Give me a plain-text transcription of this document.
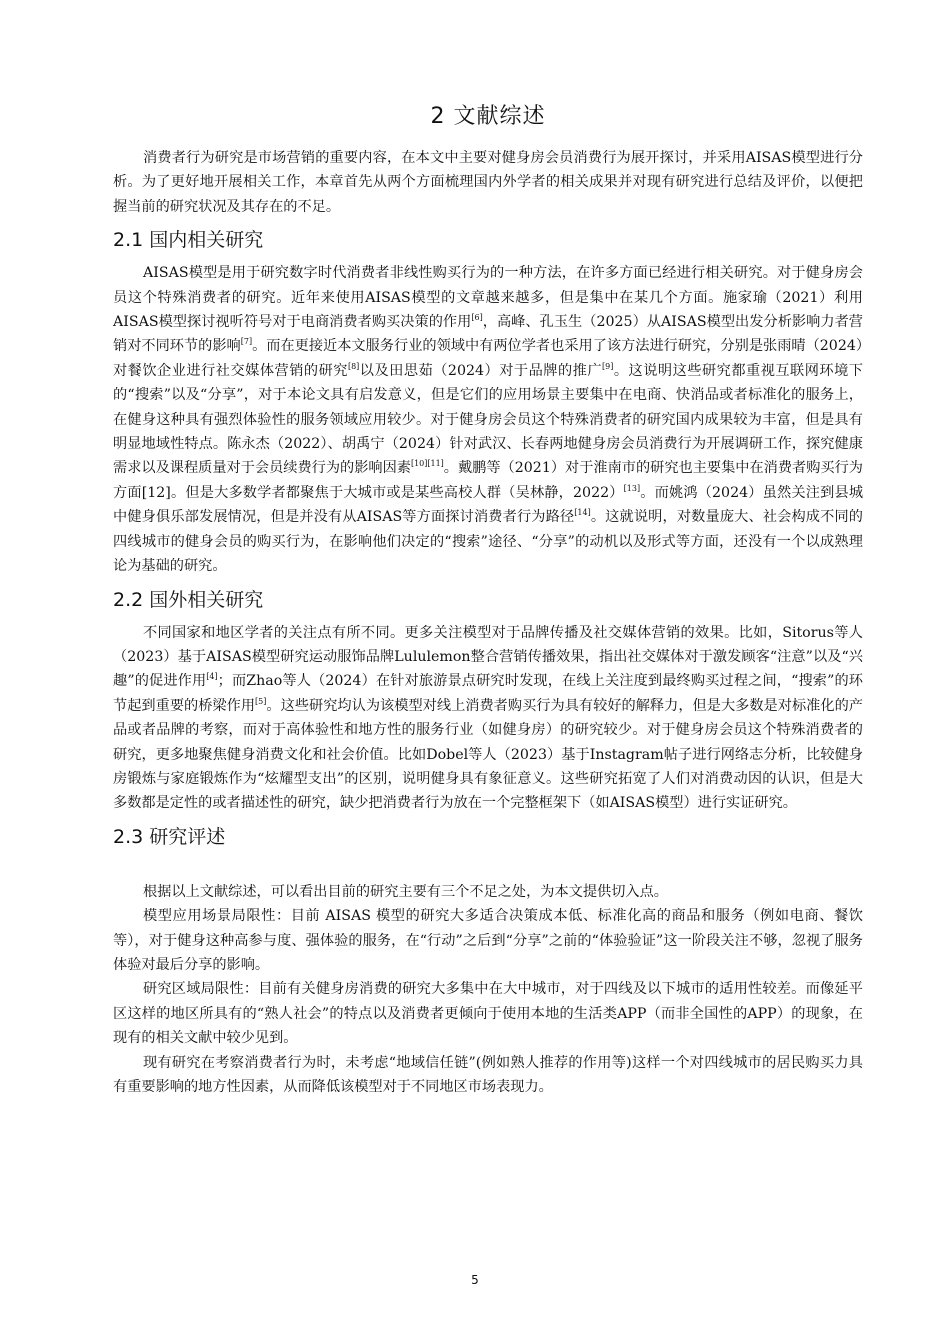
2 文献综述

消费者行为研究是市场营销的重要内容，在本文中主要对健身房会员消费行为展开探讨，并采用AISAS模型进行分析。为了更好地开展相关工作，本章首先从两个方面梳理国内外学者的相关成果并对现有研究进行总结及评价，以便把握当前的研究状况及其存在的不足。

2.1 国内相关研究

AISAS模型是用于研究数字时代消费者非线性购买行为的一种方法，在许多方面已经进行相关研究。对于健身房会员这个特殊消费者的研究。近年来使用AISAS模型的文章越来越多，但是集中在某几个方面。施家瑜（2021）利用AISAS模型探讨视听符号对于电商消费者购买决策的作用[6]，高峰、孔玉生（2025）从AISAS模型出发分析影响力者营销对不同环节的影响[7]。而在更接近本文服务行业的领域中有两位学者也采用了该方法进行研究，分别是张雨晴（2024）对餐饮企业进行社交媒体营销的研究[8]以及田思茹（2024）对于品牌的推广[9]。这说明这些研究都重视互联网环境下的“搜索”以及“分享”，对于本论文具有启发意义，但是它们的应用场景主要集中在电商、快消品或者标准化的服务上，在健身这种具有强烈体验性的服务领域应用较少。对于健身房会员这个特殊消费者的研究国内成果较为丰富，但是具有明显地域性特点。陈永杰（2022）、胡禹宁（2024）针对武汉、长春两地健身房会员消费行为开展调研工作，探究健康需求以及课程质量对于会员续费行为的影响因素[10][11]。戴鹏等（2021）对于淮南市的研究也主要集中在消费者购买行为方面[12]。但是大多数学者都聚焦于大城市或是某些高校人群（吴林静，2022）[13]。而姚鸿（2024）虽然关注到县城中健身俱乐部发展情况，但是并没有从AISAS等方面探讨消费者行为路径[14]。这就说明，对数量庞大、社会构成不同的四线城市的健身会员的购买行为，在影响他们决定的“搜索”途径、“分享”的动机以及形式等方面，还没有一个以成熟理论为基础的研究。

2.2 国外相关研究

不同国家和地区学者的关注点有所不同。更多关注模型对于品牌传播及社交媒体营销的效果。比如，Sitorus等人（2023）基于AISAS模型研究运动服饰品牌Lululemon整合营销传播效果，指出社交媒体对于激发顾客“注意”以及“兴趣”的促进作用[4]；而Zhao等人（2024）在针对旅游景点研究时发现，在线上关注度到最终购买过程之间，“搜索”的环节起到重要的桥梁作用[5]。这些研究均认为该模型对线上消费者购买行为具有较好的解释力，但是大多数是对标准化的产品或者品牌的考察，而对于高体验性和地方性的服务行业（如健身房）的研究较少。对于健身房会员这个特殊消费者的研究，更多地聚焦健身消费文化和社会价值。比如Dobel等人（2023）基于Instagram帖子进行网络志分析，比较健身房锻炼与家庭锻炼作为“炫耀型支出”的区别，说明健身具有象征意义。这些研究拓宽了人们对消费动因的认识，但是大多数都是定性的或者描述性的研究，缺少把消费者行为放在一个完整框架下（如AISAS模型）进行实证研究。

2.3 研究评述

根据以上文献综述，可以看出目前的研究主要有三个不足之处，为本文提供切入点。

模型应用场景局限性：目前 AISAS 模型的研究大多适合决策成本低、标准化高的商品和服务（例如电商、餐饮等），对于健身这种高参与度、强体验的服务，在“行动”之后到“分享”之前的“体验验证”这一阶段关注不够，忽视了服务体验对最后分享的影响。

研究区域局限性：目前有关健身房消费的研究大多集中在大中城市，对于四线及以下城市的适用性较差。而像延平区这样的地区所具有的“熟人社会”的特点以及消费者更倾向于使用本地的生活类APP（而非全国性的APP）的现象，在现有的相关文献中较少见到。

现有研究在考察消费者行为时，未考虑“地域信任链”(例如熟人推荐的作用等)这样一个对四线城市的居民购买力具有重要影响的地方性因素，从而降低该模型对于不同地区市场表现力。

5
